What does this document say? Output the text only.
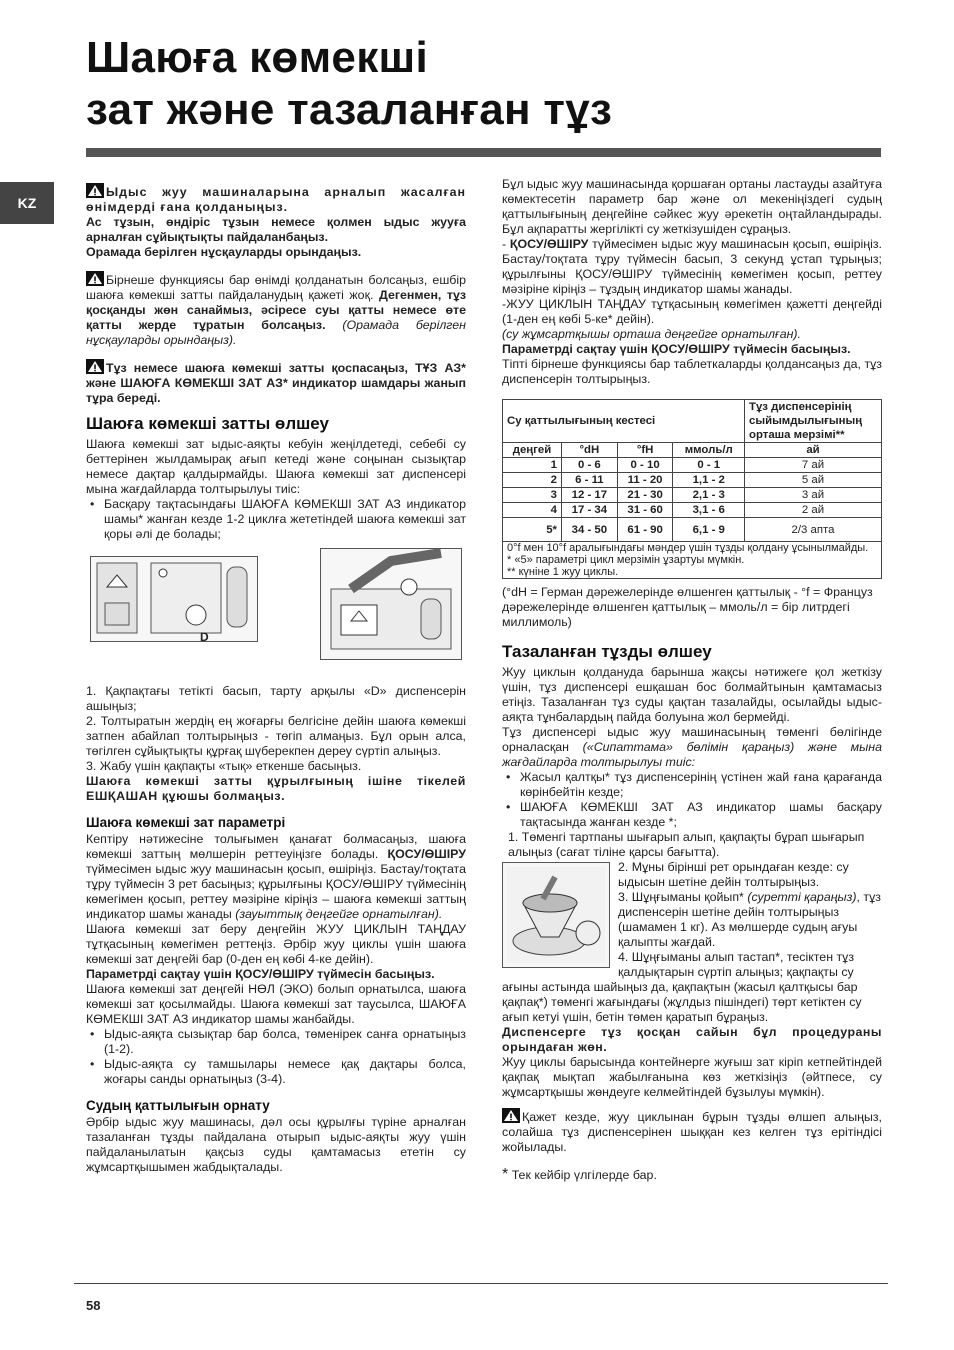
Шаюға көмекші
зат және тазаланған тұз
KZ

Ыдыс жуу машиналарына арналып жасалған өнімдерді ғана қолданыңыз.

Ас тұзын, өндіріс тұзын немесе қолмен ыдыс жууға арналған сұйықтықты пайдаланбаңыз.

Орамада берілген нұсқауларды орындаңыз.

Бірнеше функциясы бар өнімді қолданатын болсаңыз, ешбір шаюға көмекші затты пайдаланудың қажеті жоқ. Дегенмен, тұз қосқанды жөн санаймыз, әсіресе суы қатты немесе өте қатты жерде тұратын болсаңыз. (Орамада берілген нұсқауларды орындаңыз).

Тұз немесе шаюға көмекші затты қоспасаңыз, ТҰЗ АЗ* және ШАЮҒА КӨМЕКШІ ЗАТ АЗ* индикатор шамдары жанып тұра береді.

Шаюға көмекші затты өлшеу

Шаюға көмекші зат ыдыс-аяқты кебуін жеңілдетеді, себебі су беттерінен жылдамырақ ағып кетеді және соңынан сызықтар немесе дақтар қалдырмайды. Шаюға көмекші зат диспенсері мына жағдайларда толтырылуы тиіс:

• Басқару тақтасындағы ШАЮҒА КӨМЕКШІ ЗАТ АЗ индикатор шамы* жанған кезде 1-2 циклға жететіндей шаюға көмекші зат қоры әлі де болады;
D

1. Қақпақтағы тетікті басып, тарту арқылы «D» диспенсерін ашыңыз;

2. Толтыратын жердің ең жоғарғы белгісіне дейін шаюға көмекші затпен абайлап толтырыңыз - төгіп алмаңыз. Бұл орын алса, төгілген сұйықтықты құрғақ шүберекпен дереу сүртіп алыңыз.

3. Жабу үшін қақпақты «тық» еткенше басыңыз.

Шаюға көмекші затты құрылғының ішіне тікелей ЕШҚАШАН құюшы болмаңыз.

Шаюға көмекші зат параметрі

Кептіру нәтижесіне толығымен қанағат болмасаңыз, шаюға көмекші заттың мөлшерін реттеуіңізге болады. ҚОСУ/ӨШІРУ түймесімен ыдыс жуу машинасын қосып, өшіріңіз. Бастау/тоқтата тұру түймесін 3 рет басыңыз; құрылғыны ҚОСУ/ӨШІРУ түймесінің көмегімен қосып, реттеу мәзіріне кіріңіз – шаюға көмекші заттың индикатор шамы жанады (зауыттық деңгейге орнатылған).

Шаюға көмекші зат беру деңгейін ЖУУ ЦИКЛЫН ТАҢДАУ тұтқасының көмегімен реттеңіз. Әрбір жуу циклы үшін шаюға көмекші зат деңгейі бар (0-ден ең көбі 4-ке дейін).

Параметрді сақтау үшін ҚОСУ/ӨШІРУ түймесін басыңыз.

Шаюға көмекші зат деңгейі НӨЛ (ЭКО) болып орнатылса, шаюға көмекші зат қосылмайды. Шаюға көмекші зат таусылса, ШАЮҒА КӨМЕКШІ ЗАТ АЗ индикатор шамы жанбайды.

• Ыдыс-аяқта сызықтар бар болса, төменірек санға орнатыңыз (1-2).
• Ыдыс-аяқта су тамшылары немесе қақ дақтары болса, жоғары санды орнатыңыз (3-4).
Судың қаттылығын орнату

Әрбір ыдыс жуу машинасы, дәл осы құрылғы түріне арналған тазаланған тұзды пайдалана отырып ыдыс-аяқты жуу үшін пайдаланылатын қақсыз суды қамтамасыз ететін су жұмсартқышымен жабдықталады.

Бұл ыдыс жуу машинасында қоршаған ортаны ластауды азайтуға көмектесетін параметр бар және ол мекеніңіздегі судың қаттылығының деңгейіне сәйкес жуу әрекетін оңтайландырады. Бұл ақпаратты жергілікті су жеткізушіден сұраңыз.

- ҚОСУ/ӨШІРУ түймесімен ыдыс жуу машинасын қосып, өшіріңіз. Бастау/тоқтата тұру түймесін басып, 3 секунд ұстап тұрыңыз; құрылғыны ҚОСУ/ӨШІРУ түймесінің көмегімен қосып, реттеу мәзіріне кіріңіз – тұздың индикатор шамы жанады.

-ЖУУ ЦИКЛЫН ТАҢДАУ тұтқасының көмегімен қажетті деңгейді (1-ден ең көбі 5-ке* дейін).

(су жұмсартқышы орташа деңгейге орнатылған).

Параметрді сақтау үшін ҚОСУ/ӨШІРУ түймесін басыңыз.

Тіпті бірнеше функциясы бар таблеткаларды қолдансаңыз да, тұз диспенсерін толтырыңыз.

Су қаттылығының кестесі				Тұз диспенсерінің сыйымдылығының орташа мерзімі**
деңгей	°dH	°fH	ммоль/л	ай
1	0 - 6	0 - 10	0 - 1	7 ай
2	6 - 11	11 - 20	1,1 - 2	5 ай
3	12 - 17	21 - 30	2,1 - 3	3 ай
4	17 - 34	31 - 60	3,1 - 6	2 ай
5*	34 - 50	61 - 90	6,1 - 9	2/3 апта

0°f мен 10°f аралығындағы мәндер үшін тұзды қолдану ұсынылмайды.
* «5» параметрі цикл мерзімін ұзартуы мүмкін.
** күніне 1 жуу циклы.				

(°dH = Герман дәрежелерінде өлшенген қаттылық - °f = Француз дәрежелерінде өлшенген қаттылық – ммоль/л = бір литрдегі миллимоль)

Тазаланған тұзды өлшеу

Жуу циклын қолдануда барынша жақсы нәтижеге қол жеткізу үшін, тұз диспенсері ешқашан бос болмайтынын қамтамасыз етіңіз. Тазаланған тұз суды қақтан тазалайды, осылайды ыдыс-аяқта тұнбалардың пайда болуына жол бермейді.

Тұз диспенсері ыдыс жуу машинасының төменгі бөлігінде орналасқан («Сипаттама» бөлімін қараңыз) және мына жағдайларда толтырылуы тиіс:

• Жасыл қалтқы* тұз диспенсерінің үстінен жай ғана қарағанда көрінбейтін кезде;
• ШАЮҒА КӨМЕКШІ ЗАТ АЗ индикатор шамы басқару тақтасында жанған кезде *;

1. Төменгі тартпаны шығарып алып, қақпақты бұрап шығарып алыңыз (сағат тіліне қарсы бағытта).

2. Мұны бірінші рет орындаған кезде: су ыдысын шетіне дейін толтырыңыз.

3. Шұңғыманы қойып* (суретті қараңыз), тұз диспенсерін шетіне дейін толтырыңыз (шамамен 1 кг). Аз мөлшерде судың ағуы қалыпты жағдай.

4. Шұңғыманы алып тастап*, тесіктен тұз қалдықтарын сүртіп алыңыз; қақпақты су ағыны астында шайыңыз да, қақпақтын (жасыл қалтқысы бар қақпақ*) төменгі жағындағы (жұлдыз пішіндегі) төрт кетіктен су ағып кетуі үшін, бетін төмен қаратып бұраңыз.

Диспенсерге тұз қосқан сайын бұл процедураны орындаған жөн.

Жуу циклы барысында контейнерге жуғыш зат кіріп кетпейтіндей қақпақ мықтап жабылғанына көз жеткізіңіз (әйтпесе, су жұмсартқышы жөндеуге келмейтіндей бұзылуы мүмкін).

Қажет кезде, жуу циклынан бұрын тұзды өлшеп алыңыз, солайша тұз диспенсерінен шыққан кез келген тұз ерітіндісі жойылады.

* Тек кейбір үлгілерде бар.

58
